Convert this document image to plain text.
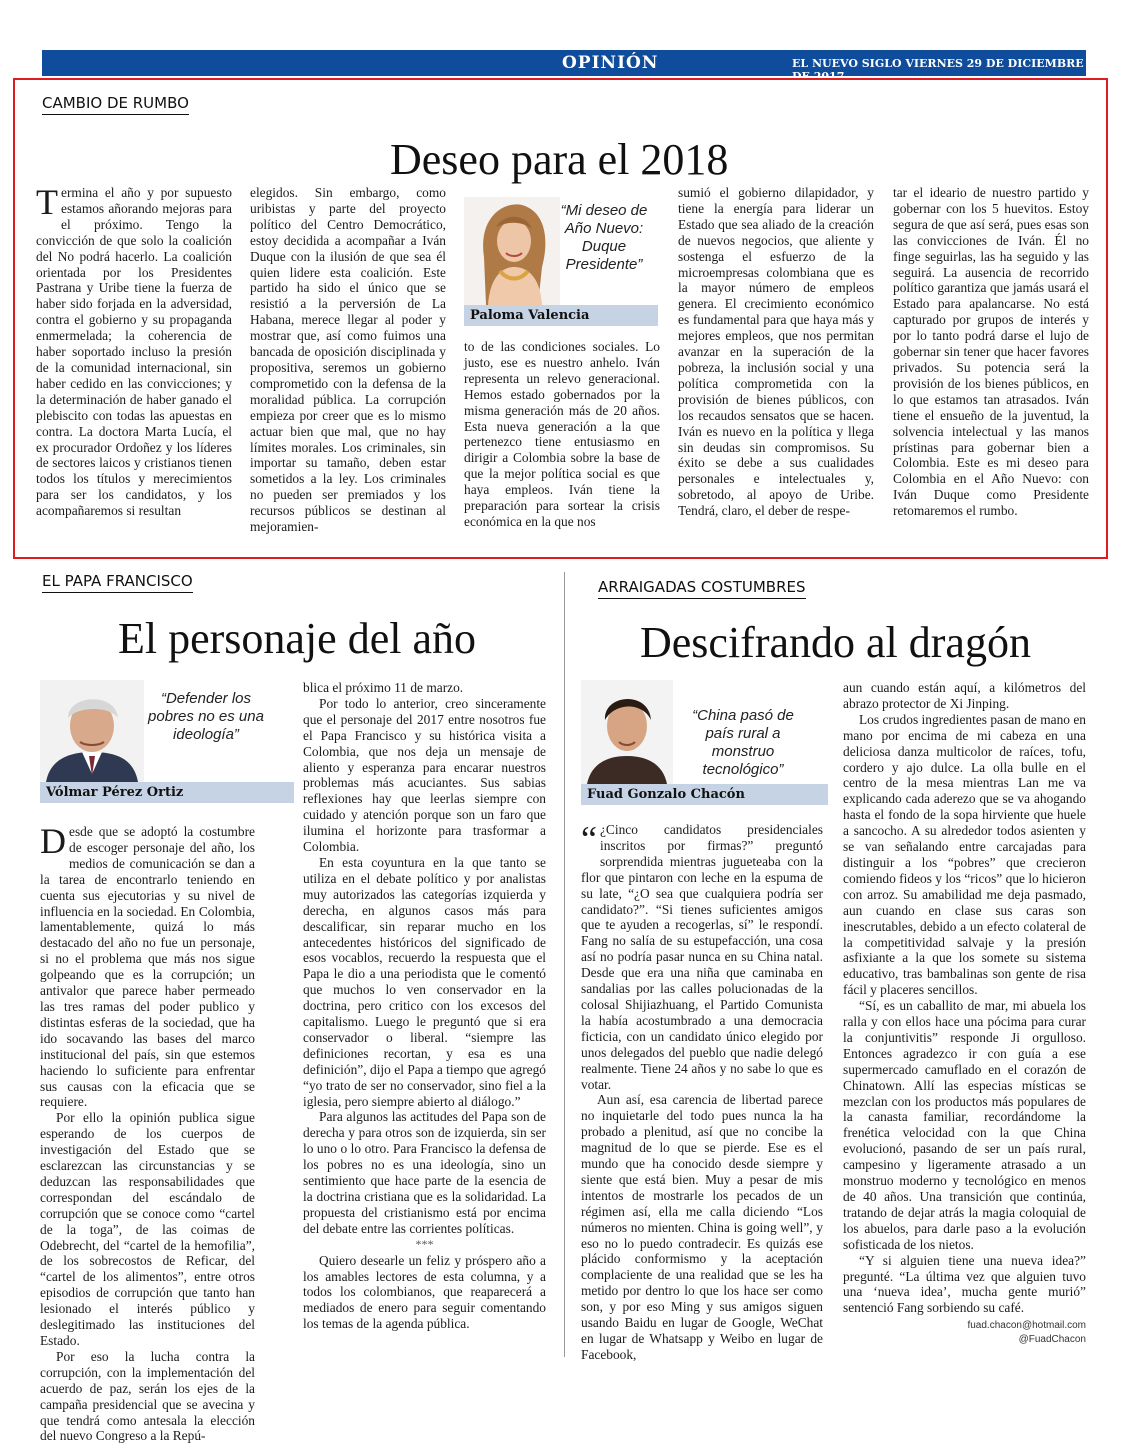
OPINIÓN	EL NUEVO SIGLO VIERNES 29 DE DICIEMBRE DE 2017
9A
CAMBIO DE RUMBO
Deseo para el 2018

Termina el año y por supuesto estamos añorando mejoras para el próximo. Tengo la convicción de que solo la coalición del No podrá hacerlo. La coalición orientada por los Presidentes Pastrana y Uribe tiene la fuerza de haber sido forjada en la adversidad, contra el gobierno y su propaganda enmermelada; la coherencia de haber soportado incluso la presión de la comunidad internacional, sin haber cedido en las convicciones; y la determinación de haber ganado el plebiscito con todas las apuestas en contra. La doctora Marta Lucía, el ex procurador Ordoñez y los líderes de sectores laicos y cristianos tienen todos los títulos y merecimientos para ser los candidatos, y los acompañaremos si resultan

elegidos. Sin embargo, como uribistas y parte del proyecto político del Centro Democrático, estoy decidida a acompañar a Iván Duque con la ilusión de que sea él quien lidere esta coalición. Este partido ha sido el único que se resistió a la perversión de La Habana, merece llegar al poder y mostrar que, así como fuimos una bancada de oposición disciplinada y propositiva, seremos un gobierno comprometido con la defensa de la moralidad pública. La corrupción empieza por creer que es lo mismo actuar bien que mal, que no hay límites morales. Los criminales, sin importar su tamaño, deben estar sometidos a la ley. Los criminales no pueden ser premiados y los recursos públicos se destinan al mejoramien-

“Mi deseo de Año Nuevo: Duque Presidente”
Paloma Valencia

to de las condiciones sociales. Lo justo, ese es nuestro anhelo. Iván representa un relevo generacional. Hemos estado gobernados por la misma generación más de 20 años. Esta nueva generación a la que pertenezco tiene entusiasmo en dirigir a Colombia sobre la base de que la mejor política social es que haya empleos. Iván tiene la preparación para sortear la crisis económica en la que nos

sumió el gobierno dilapidador, y tiene la energía para liderar un Estado que sea aliado de la creación de nuevos negocios, que aliente y sostenga el esfuerzo de la microempresas colombiana que es la mayor número de empleos genera. El crecimiento económico es fundamental para que haya más y mejores empleos, que nos permitan avanzar en la superación de la pobreza, la inclusión social y una política comprometida con la provisión de bienes públicos, con los recaudos sensatos que se hacen. Iván es nuevo en la política y llega sin deudas sin compromisos. Su éxito se debe a sus cualidades personales e intelectuales y, sobretodo, al apoyo de Uribe. Tendrá, claro, el deber de respe-

tar el ideario de nuestro partido y gobernar con los 5 huevitos. Estoy segura de que así será, pues esas son las convicciones de Iván. Él no finge seguirlas, las ha seguido y las seguirá. La ausencia de recorrido político garantiza que jamás usará el Estado para apalancarse. No está capturado por grupos de interés y por lo tanto podrá darse el lujo de gobernar sin tener que hacer favores privados. Su potencia será la provisión de los bienes públicos, en lo que estamos tan atrasados. Iván tiene el ensueño de la juventud, la solvencia intelectual y las manos prístinas para gobernar bien a Colombia. Este es mi deseo para Colombia en el Año Nuevo: con Iván Duque como Presidente retomaremos el rumbo.

EL PAPA FRANCISCO
El personaje del año
“Defender los pobres no es una ideología”
Vólmar Pérez Ortiz

Desde que se adoptó la costumbre de escoger personaje del año, los medios de comunicación se dan a la tarea de encontrarlo teniendo en cuenta sus ejecutorias y su nivel de influencia en la sociedad. En Colombia, lamentablemente, quizá lo más destacado del año no fue un personaje, si no el problema que más nos sigue golpeando que es la corrupción; un antivalor que parece haber permeado las tres ramas del poder publico y distintas esferas de la sociedad, que ha ido socavando las bases del marco institucional del país, sin que estemos haciendo lo suficiente para enfrentar sus causas con la eficacia que se requiere.

Por ello la opinión publica sigue esperando de los cuerpos de investigación del Estado que se esclarezcan las circunstancias y se deduzcan las responsabilidades que correspondan del escándalo de corrupción que se conoce como “cartel de la toga”, de las coimas de Odebrecht, del “cartel de la hemofilia”, de los sobrecostos de Reficar, del “cartel de los alimentos”, entre otros episodios de corrupción que tanto han lesionado el interés público y deslegitimado las instituciones del Estado.

Por eso la lucha contra la corrupción, con la implementación del acuerdo de paz, serán los ejes de la campaña presidencial que se avecina y que tendrá como antesala la elección del nuevo Congreso a la Repú-

blica el próximo 11 de marzo.

Por todo lo anterior, creo sinceramente que el personaje del 2017 entre nosotros fue el Papa Francisco y su histórica visita a Colombia, que nos deja un mensaje de aliento y esperanza para encarar nuestros problemas más acuciantes. Sus sabias reflexiones hay que leerlas siempre con cuidado y atención porque son un faro que ilumina el horizonte para trasformar a Colombia.

En esta coyuntura en la que tanto se utiliza en el debate político y por analistas muy autorizados las categorías izquierda y derecha, en algunos casos más para descalificar, sin reparar mucho en los antecedentes históricos del significado de esos vocablos, recuerdo la respuesta que el Papa le dio a una periodista que le comentó que muchos lo ven conservador en la doctrina, pero critico con los excesos del capitalismo. Luego le preguntó que si era conservador o liberal. “siempre las definiciones recortan, y esa es una definición”, dijo el Papa a tiempo que agregó “yo trato de ser no conservador, sino fiel a la iglesia, pero siempre abierto al diálogo.”

Para algunos las actitudes del Papa son de derecha y para otros son de izquierda, sin ser lo uno o lo otro. Para Francisco la defensa de los pobres no es una ideología, sino un sentimiento que hace parte de la esencia de la doctrina cristiana que es la solidaridad. La propuesta del cristianismo está por encima del debate entre las corrientes políticas.

***

Quiero desearle un feliz y próspero año a los amables lectores de esta columna, y a todos los colombianos, que reaparecerá a mediados de enero para seguir comentando los temas de la agenda pública.

ARRAIGADAS COSTUMBRES
Descifrando al dragón
“China pasó de país rural a monstruo tecnológico”
Fuad Gonzalo Chacón

“ ¿Cinco candidatos presidenciales inscritos por firmas?” preguntó sorprendida mientras jugueteaba con la flor que pintaron con leche en la espuma de su late, “¿O sea que cualquiera podría ser candidato?”. “Si tienes suficientes amigos que te ayuden a recogerlas, sí” le respondí. Fang no salía de su estupefacción, una cosa así no podría pasar nunca en su China natal. Desde que era una niña que caminaba en sandalias por las calles polucionadas de la colosal Shijiazhuang, el Partido Comunista la había acostumbrado a una democracia ficticia, con un candidato único elegido por unos delegados del pueblo que nadie delegó realmente. Tiene 24 años y no sabe lo que es votar.

Aun así, esa carencia de libertad parece no inquietarle del todo pues nunca la ha probado a plenitud, así que no concibe la magnitud de lo que se pierde. Ese es el mundo que ha conocido desde siempre y siente que está bien. Muy a pesar de mis intentos de mostrarle los pecados de un régimen así, ella me calla diciendo “Los números no mienten. China is going well”, y eso no lo puedo contradecir. Es quizás ese plácido conformismo y la aceptación complaciente de una realidad que se les ha metido por dentro lo que los hace ser como son, y por eso Ming y sus amigos siguen usando Baidu en lugar de Google, WeChat en lugar de Whatsapp y Weibo en lugar de Facebook,

aun cuando están aquí, a kilómetros del abrazo protector de Xi Jinping.

Los crudos ingredientes pasan de mano en mano por encima de mi cabeza en una deliciosa danza multicolor de raíces, tofu, cordero y ajo dulce. La olla bulle en el centro de la mesa mientras Lan me va explicando cada aderezo que se va ahogando hasta el fondo de la sopa hirviente que huele a sancocho. A su alrededor todos asienten y se van señalando entre carcajadas para distinguir a los “pobres” que crecieron comiendo fideos y los “ricos” que lo hicieron con arroz. Su amabilidad me deja pasmado, aun cuando en clase sus caras son inescrutables, debido a un efecto colateral de la competitividad salvaje y la presión asfixiante a la que los somete su sistema educativo, tras bambalinas son gente de risa fácil y placeres sencillos.

“Sí, es un caballito de mar, mi abuela los ralla y con ellos hace una pócima para curar la conjuntivitis” responde Ji orgulloso. Entonces agradezco ir con guía a ese supermercado camuflado en el corazón de Chinatown. Allí las especias místicas se mezclan con los productos más populares de la canasta familiar, recordándome la frenética velocidad con la que China evolucionó, pasando de ser un país rural, campesino y ligeramente atrasado a un monstruo moderno y tecnológico en menos de 40 años. Una transición que continúa, tratando de dejar atrás la magia coloquial de los abuelos, para darle paso a la evolución sofisticada de los nietos.

“Y si alguien tiene una nueva idea?” pregunté. “La última vez que alguien tuvo una ‘nueva idea’, mucha gente murió” sentenció Fang sorbiendo su café.

fuad.chacon@hotmail.com
@FuadChacon
